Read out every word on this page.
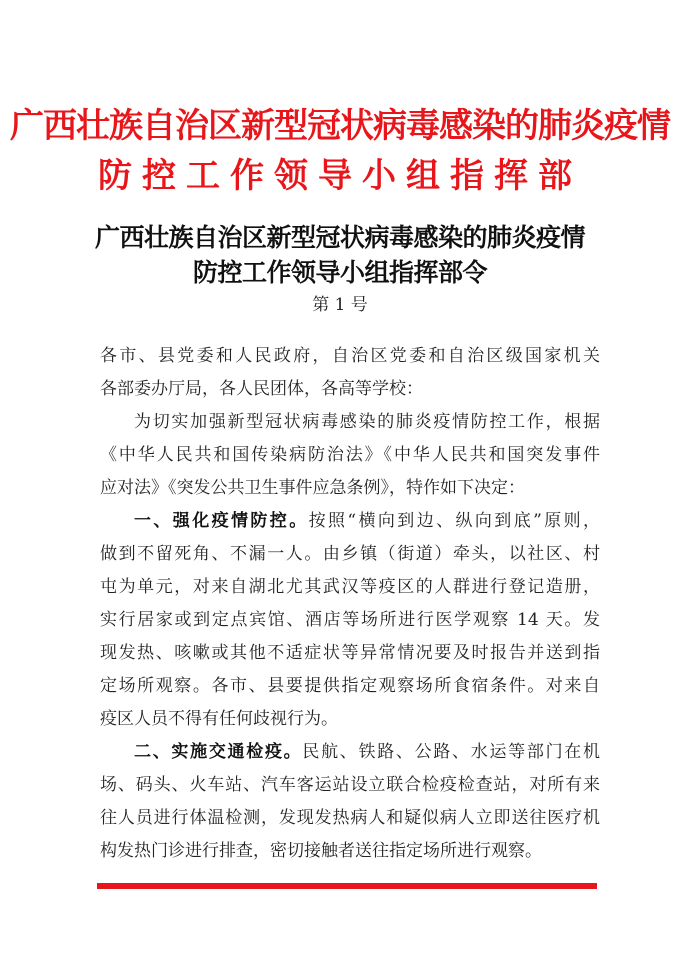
广西壮族自治区新型冠状病毒感染的肺炎疫情
防控工作领导小组指挥部
广西壮族自治区新型冠状病毒感染的肺炎疫情
防控工作领导小组指挥部令
第 1 号
各市、县党委和人民政府，自治区党委和自治区级国家机关
各部委办厅局，各人民团体，各高等学校：
为切实加强新型冠状病毒感染的肺炎疫情防控工作，根据
《中华人民共和国传染病防治法》《中华人民共和国突发事件
应对法》《突发公共卫生事件应急条例》，特作如下决定：
一、强化疫情防控。按照“横向到边、纵向到底”原则，
做到不留死角、不漏一人。由乡镇（街道）牵头，以社区、村
屯为单元，对来自湖北尤其武汉等疫区的人群进行登记造册，
实行居家或到定点宾馆、酒店等场所进行医学观察 14 天。发
现发热、咳嗽或其他不适症状等异常情况要及时报告并送到指
定场所观察。各市、县要提供指定观察场所食宿条件。对来自
疫区人员不得有任何歧视行为。
二、实施交通检疫。民航、铁路、公路、水运等部门在机
场、码头、火车站、汽车客运站设立联合检疫检查站，对所有来
往人员进行体温检测，发现发热病人和疑似病人立即送往医疗机
构发热门诊进行排查，密切接触者送往指定场所进行观察。
